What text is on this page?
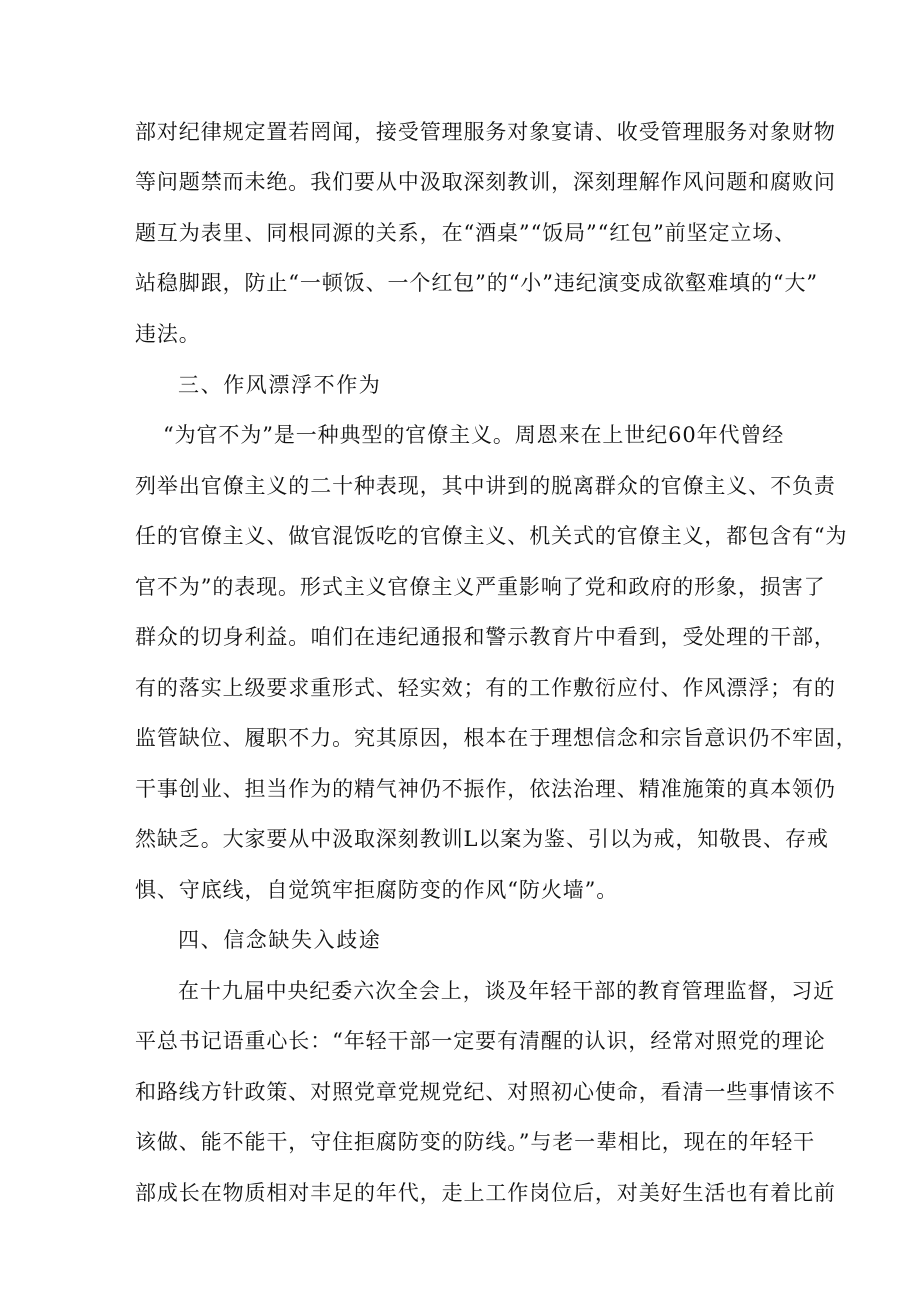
部对纪律规定置若罔闻，接受管理服务对象宴请、收受管理服务对象财物
等问题禁而未绝。我们要从中汲取深刻教训，深刻理解作风问题和腐败问
题互为表里、同根同源的关系，在“酒桌”“饭局”“红包”前坚定立场、
站稳脚跟，防止“一顿饭、一个红包”的“小”违纪演变成欲壑难填的“大”
违法。
三、作风漂浮不作为
“为官不为”是一种典型的官僚主义。周恩来在上世纪60年代曾经
列举出官僚主义的二十种表现，其中讲到的脱离群众的官僚主义、不负责
任的官僚主义、做官混饭吃的官僚主义、机关式的官僚主义，都包含有“为
官不为”的表现。形式主义官僚主义严重影响了党和政府的形象，损害了
群众的切身利益。咱们在违纪通报和警示教育片中看到，受处理的干部，
有的落实上级要求重形式、轻实效；有的工作敷衍应付、作风漂浮；有的
监管缺位、履职不力。究其原因，根本在于理想信念和宗旨意识仍不牢固，
干事创业、担当作为的精气神仍不振作，依法治理、精准施策的真本领仍
然缺乏。大家要从中汲取深刻教训L以案为鉴、引以为戒，知敬畏、存戒
惧、守底线，自觉筑牢拒腐防变的作风“防火墙”。
四、信念缺失入歧途
在十九届中央纪委六次全会上，谈及年轻干部的教育管理监督，习近
平总书记语重心长：“年轻干部一定要有清醒的认识，经常对照党的理论
和路线方针政策、对照党章党规党纪、对照初心使命，看清一些事情该不
该做、能不能干，守住拒腐防变的防线。”与老一辈相比，现在的年轻干
部成长在物质相对丰足的年代，走上工作岗位后，对美好生活也有着比前
